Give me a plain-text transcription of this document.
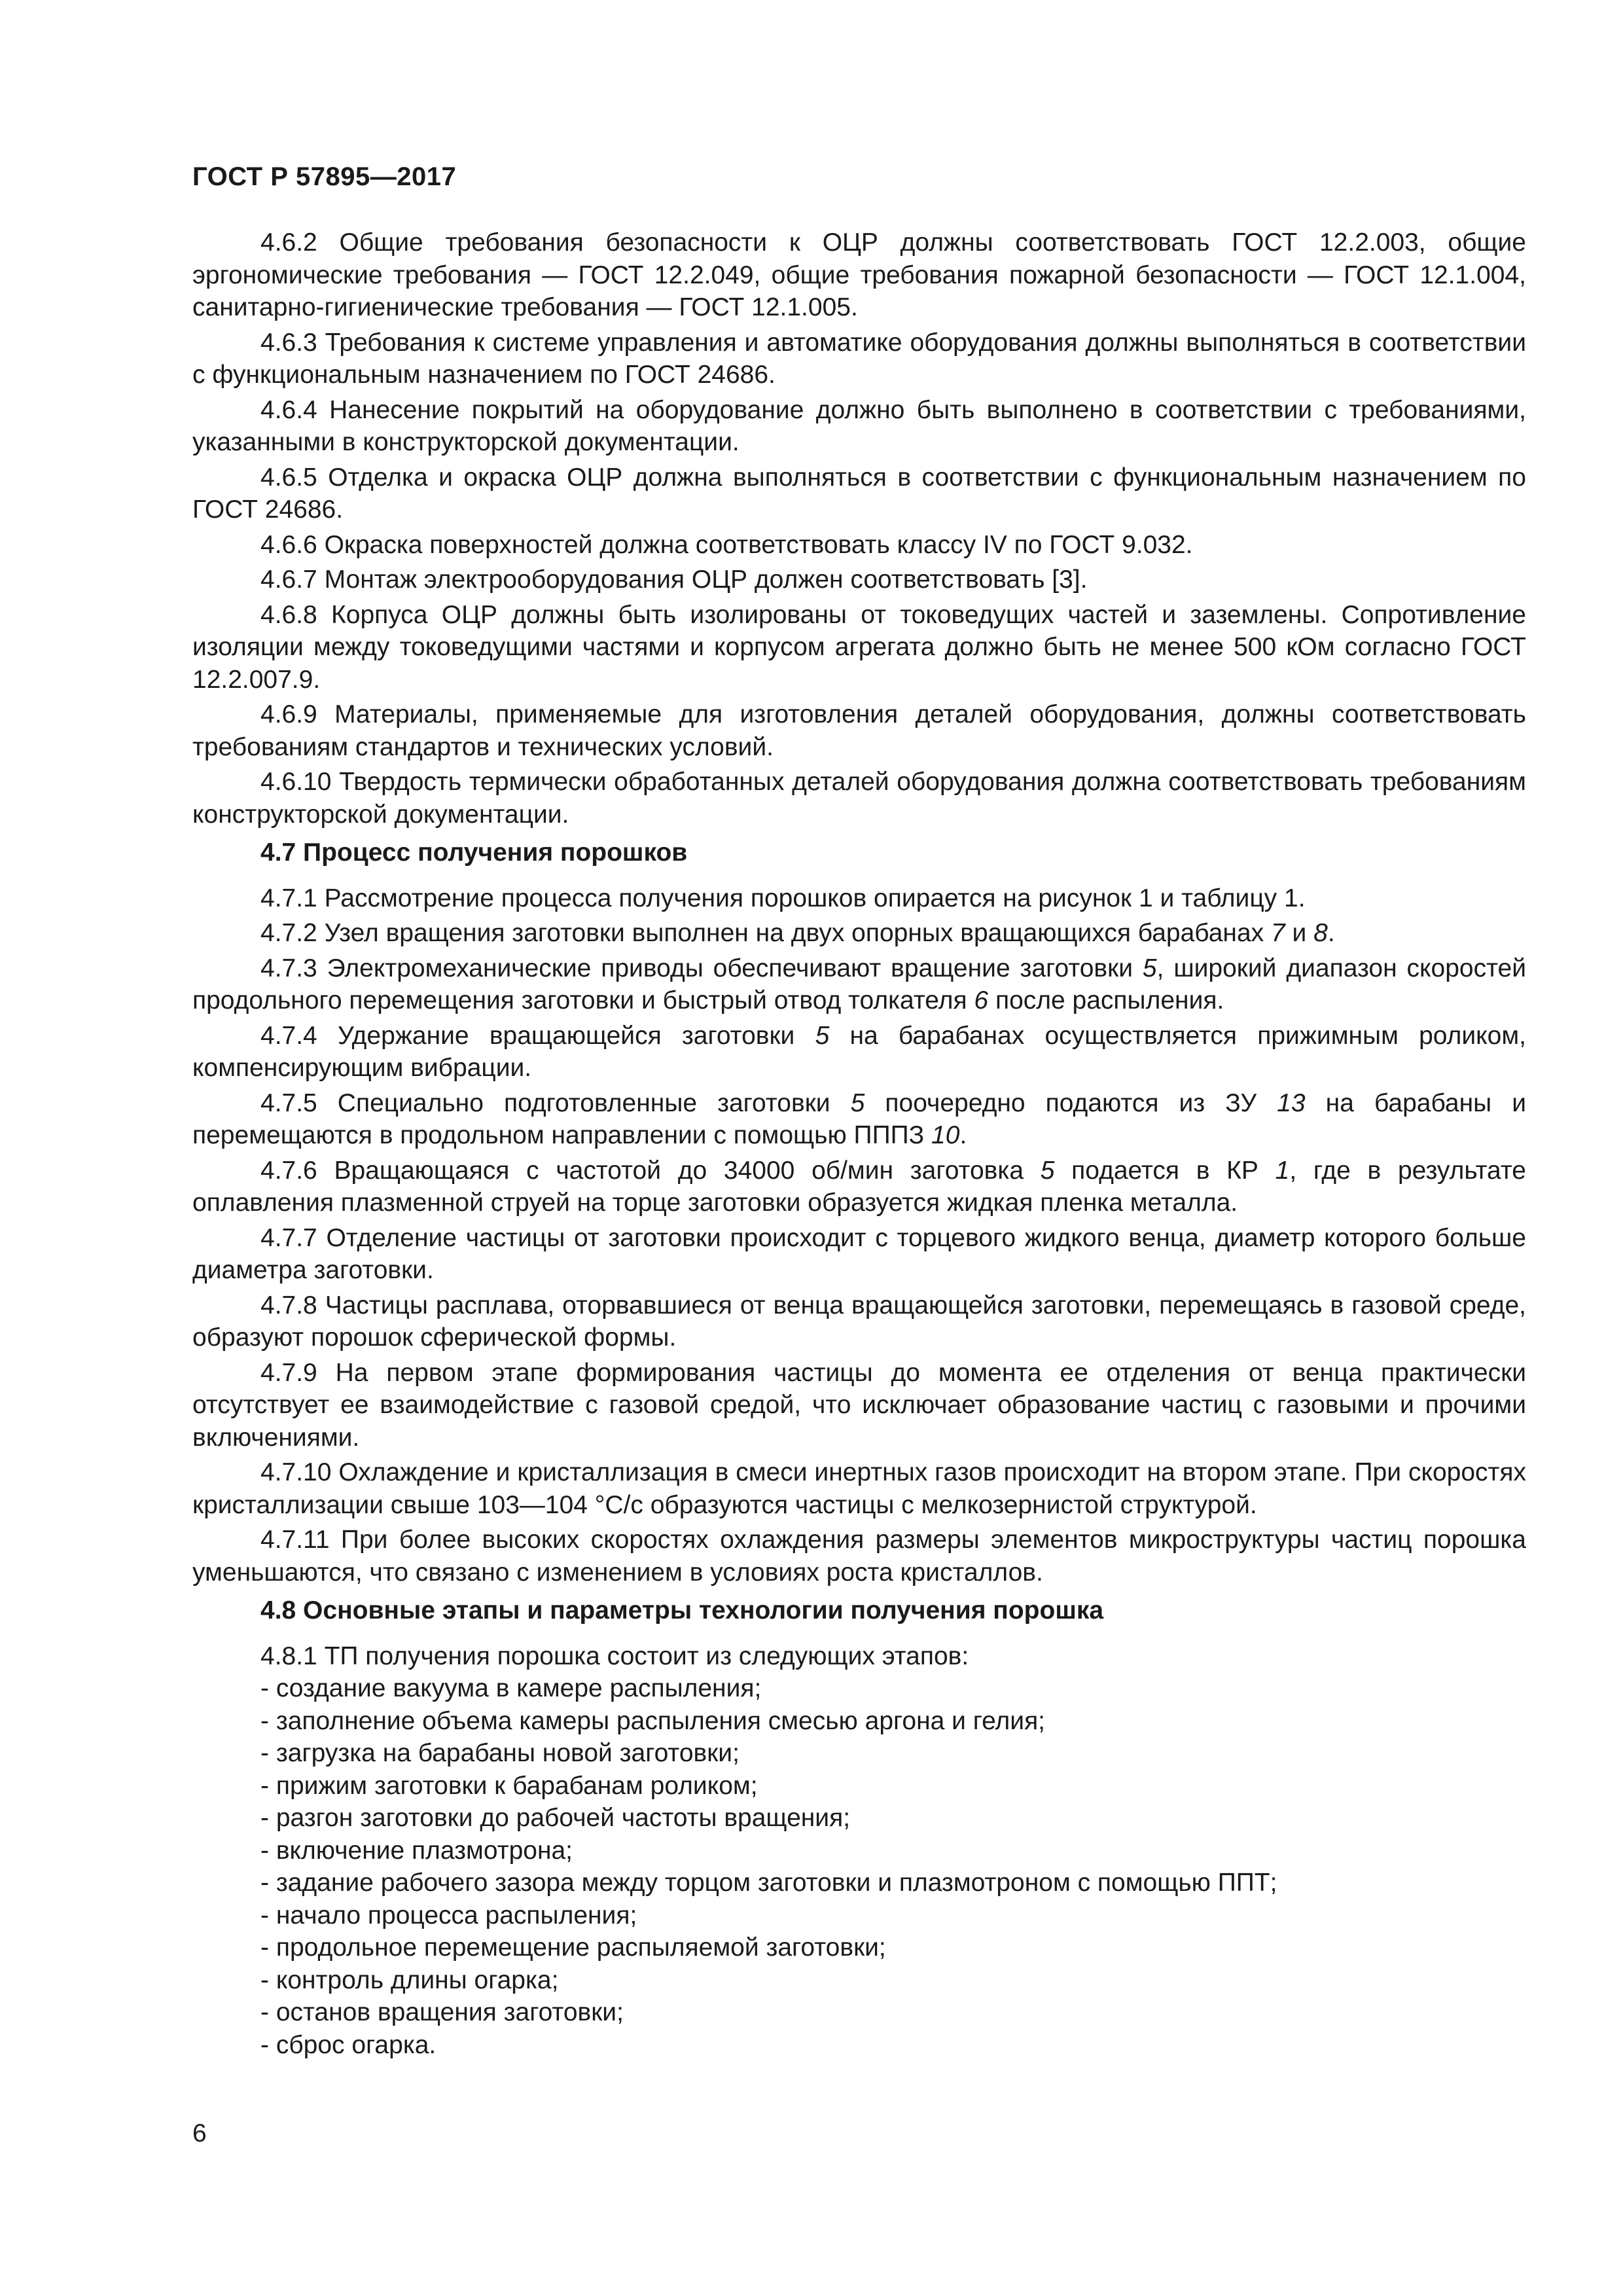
ГОСТ Р 57895—2017

4.6.2 Общие требования безопасности к ОЦР должны соответствовать ГОСТ 12.2.003, общие эргономические требования — ГОСТ 12.2.049, общие требования пожарной безопасности — ГОСТ 12.1.004, санитарно-гигиенические требования — ГОСТ 12.1.005.

4.6.3 Требования к системе управления и автоматике оборудования должны выполняться в соответствии с функциональным назначением по ГОСТ 24686.

4.6.4 Нанесение покрытий на оборудование должно быть выполнено в соответствии с требованиями, указанными в конструкторской документации.

4.6.5 Отделка и окраска ОЦР должна выполняться в соответствии с функциональным назначением по ГОСТ 24686.

4.6.6 Окраска поверхностей должна соответствовать классу IV по ГОСТ 9.032.

4.6.7 Монтаж электрооборудования ОЦР должен соответствовать [3].

4.6.8 Корпуса ОЦР должны быть изолированы от токоведущих частей и заземлены. Сопротивление изоляции между токоведущими частями и корпусом агрегата должно быть не менее 500 кОм согласно ГОСТ 12.2.007.9.

4.6.9 Материалы, применяемые для изготовления деталей оборудования, должны соответствовать требованиям стандартов и технических условий.

4.6.10 Твердость термически обработанных деталей оборудования должна соответствовать требованиям конструкторской документации.

4.7 Процесс получения порошков

4.7.1 Рассмотрение процесса получения порошков опирается на рисунок 1 и таблицу 1.

4.7.2 Узел вращения заготовки выполнен на двух опорных вращающихся барабанах 7 и 8.

4.7.3 Электромеханические приводы обеспечивают вращение заготовки 5, широкий диапазон скоростей продольного перемещения заготовки и быстрый отвод толкателя 6 после распыления.

4.7.4 Удержание вращающейся заготовки 5 на барабанах осуществляется прижимным роликом, компенсирующим вибрации.

4.7.5 Специально подготовленные заготовки 5 поочередно подаются из ЗУ 13 на барабаны и перемещаются в продольном направлении с помощью ПППЗ 10.

4.7.6 Вращающаяся с частотой до 34000 об/мин заготовка 5 подается в КР 1, где в результате оплавления плазменной струей на торце заготовки образуется жидкая пленка металла.

4.7.7 Отделение частицы от заготовки происходит с торцевого жидкого венца, диаметр которого больше диаметра заготовки.

4.7.8 Частицы расплава, оторвавшиеся от венца вращающейся заготовки, перемещаясь в газовой среде, образуют порошок сферической формы.

4.7.9 На первом этапе формирования частицы до момента ее отделения от венца практически отсутствует ее взаимодействие с газовой средой, что исключает образование частиц с газовыми и прочими включениями.

4.7.10 Охлаждение и кристаллизация в смеси инертных газов происходит на втором этапе. При скоростях кристаллизации свыше 103—104 °С/с образуются частицы с мелкозернистой структурой.

4.7.11 При более высоких скоростях охлаждения размеры элементов микроструктуры частиц порошка уменьшаются, что связано с изменением в условиях роста кристаллов.

4.8 Основные этапы и параметры технологии получения порошка

4.8.1 ТП получения порошка состоит из следующих этапов:

- создание вакуума в камере распыления;
- заполнение объема камеры распыления смесью аргона и гелия;
- загрузка на барабаны новой заготовки;
- прижим заготовки к барабанам роликом;
- разгон заготовки до рабочей частоты вращения;
- включение плазмотрона;
- задание рабочего зазора между торцом заготовки и плазмотроном с помощью ППТ;
- начало процесса распыления;
- продольное перемещение распыляемой заготовки;
- контроль длины огарка;
- останов вращения заготовки;
- сброс огарка.
6
